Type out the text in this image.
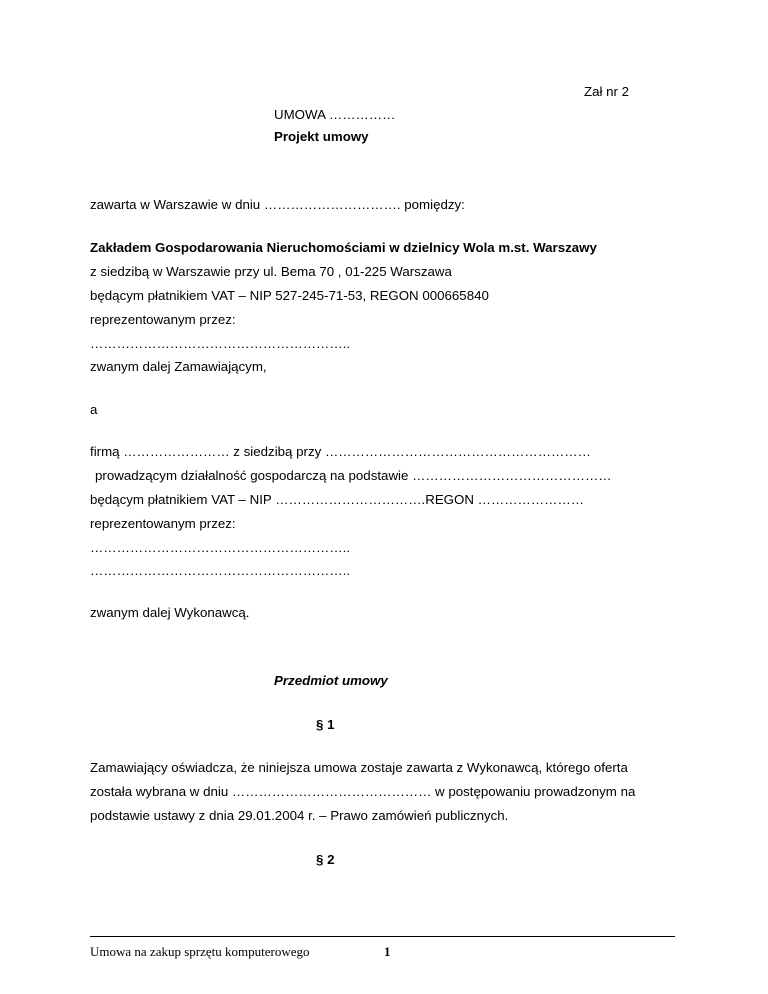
Zał nr 2
UMOWA ……………
Projekt umowy
zawarta w Warszawie w dniu …………………………. pomiędzy:
Zakładem Gospodarowania Nieruchomościami w dzielnicy Wola m.st. Warszawy
z siedzibą w Warszawie przy ul. Bema 70 , 01-225 Warszawa
będącym płatnikiem VAT – NIP 527-245-71-53, REGON 000665840
reprezentowanym przez:
…………………………………………………..
zwanym dalej Zamawiającym,
a
firmą …………………… z siedzibą przy ……………………………………………………
prowadzącym działalność gospodarczą na podstawie ………………………………………
będącym płatnikiem VAT – NIP …………………………….REGON ……………………
reprezentowanym przez:
…………………………………………………..
…………………………………………………..
zwanym dalej Wykonawcą.
Przedmiot umowy
§ 1
Zamawiający oświadcza, że niniejsza umowa zostaje zawarta z Wykonawcą, którego oferta
została wybrana w dniu ……………………………………… w postępowaniu prowadzonym na
podstawie ustawy z dnia 29.01.2004 r. – Prawo zamówień publicznych.
§ 2
Umowa na zakup sprzętu komputerowego	1
